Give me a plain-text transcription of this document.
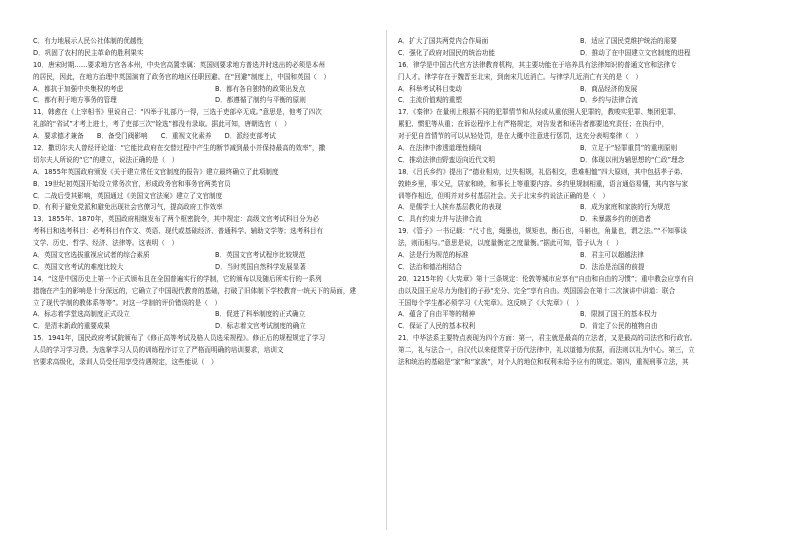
C．有力地展示人民公社体制的优越性
D．巩固了农村的民主革命的胜利果实
10．唐宋时期……要求地方官各本州，中央官高置幸属：英国则要求地方普选并时选出的必须是本州
的居民，因此，在地方治理中英国演育了政务官的地区任职回避。在“回避”制度上，中国和英国（　）
A．都抗于加强中央集权的考虑	B．都有各自独特的政策出发点
C．都有利于地方事务的管理	D．都遵循了制约与平衡的原则
11．韩愈在《上宰相书》里说自己：“四举于礼部乃一得，三选于吏部卒无成。”意思是，他考了四次
礼部的“省试”才考上进士，考了吏部三次“铨选”都没有录取。据此可知，唐朝选官（　）
A．要求德才兼备　　B．备受门阀影响　　C．重视文化素养　　D．派经吏部考试
12．撒切尔夫人曾经评论道：“它能比政府在交替过程中产生的断节减到最小并保持最高的效率”，撒
切尔夫人所说的“它”的建立，说法正确的是（　）
A．1855年英国政府颁发《关于建立常任文官制度的报告》建立最终确立了此项制度
B．19世纪初英国开始设立常务次官，形成政务官和事务官两类官员
C．二战后受其影响，英国通过《美国文官法案》建立了文官制度
D．有利于避免党派和避免出现社会官僚习气，提高政府工作效率
13．1855年、1870年，英国政府相继发布了两个枢密院令，其中规定：高级文官考试科目分为必
考科目和选考科目：必考科目有作文、英语、现代或基础经济、普通科学、辅助文学等；选考科目有
文学、历史、哲学、经济、法律等。这表明（　）
A．英国文官选拔重视应试者的综合素质	B．英国文官考试程序比较规范
C．英国文官考试的难度比较大	D．当时英国自然科学发展显著
14．“这是中国历史上第一个正式颁布且在全国普遍实行的学制，它的颁布以及随后所实行的一系列
措施在产生的影响是十分深远的，它确立了中国现代教育的基础，打破了旧体制下学校教育一统天下的局面，建
立了现代学制的教体系等等”。对这一学制的评价错误的是（　）
A．标志着学堂选高制度正式设立	B．促进了科举制度的正式确立
C．是清末新政的重要成果	D．标志着文官考试制度的确立
15．1941年，国民政府考试院颁布了《修正高等考试及格人员选采规程》。修正后的规程规定了学习
人员的学习学习费。为选掌学习人员的训练程序订立了严格而明确的培训要求，培训文
官要求高级化，录训人员受任用享受待遇规定，这些能说（　）
A．扩大了国共两党内合作局面	B．适应了国民党维护统治的需要
C．强化了政府对国民的统治功能	D．推动了在中国建立文官制度的进程
16．律学是中国古代官方法律教育机构，其主要功能在于培养具有法律知识的普通文官和法律专
门人才。律学存在于魏晋至北宋，到南宋几近消亡。与律学几近消亡有关的是（　）
A．科举考试科目变动	B．商品经济的发展
C．主流价值观的重塑	D．乡约与法律合流
17．《秦律》在量刑上根据不同的犯罪情节和从轻或从重依照人犯罪的，教唆实犯罪、集团犯罪、
累犯、惯犯等从重；在诉讼程序上有严格规定，对告发者和诬告者都要追究责任；在执行中，
对于犯自首情节的可以从轻处罚，是在大概中注意进行惩罚，这充分表明秦律（　）
A．在法律中渗透道理性倾向	B．立足于“轻罪重罚”的重刑原则
C．推动法律由野蛮迈向近代文明	D．体现以刑为辅思想的“仁政”理念
18．《吕氏乡约》提出了“德业相劝，过失相规，礼俗相交，患难相恤”四大原则，其中包括孝子弟、
敦睦乡里，事父兄，居家和睦，和事长上等重要内容。乡约里规制相重，语言通俗易懂，其内容与家
训等作相近，但明并对乡村基层社会。关于北宋乡约说法正确的是（　）
A．是儒学士人摈弃基层教化的表现	B．成为家庭和家族的行为规范
C．具有约束力并与法律合流	D．未暴露乡约的创造者
19．《管子》一书记载：“尺寸也，绳墨也，规矩也，衡石也，斗斛也，角量也，谓之法。”“不知事谈
法，则而相与。”意思是说，以度量衡定之度量衡。”据此可知，管子认为（　）
A．法是行为规范的标准	B．君主可以超越法律
C．法治和德治相结合	D．法治是治国的前提
20．1215年的《大宪章》第十三条规定：伦敦等城市应享有“自由和自由的习惯”；重申教会应享有自
由以及国王应尽力为他们的子孙“充分、完全”享有自由。英国国会在第十二次演讲中讲道：联合
王国每个学生都必须学习《大宪章》。这反映了《大宪章》（　）
A．蕴含了自由平等的精神	B．限制了国王的基本权力
C．保证了人民的基本权利	D．肯定了公民的植物自由
21．中华法系主要特点表现为四个方面：第一，君主就是最高的立法者，又是最高的司法官和行政官。
第二，礼与法合一，自汉代以来便贯穿于历代法律中，礼以道德为依据，而法则以礼为中心。第三，立
法和统治的基础是“家”和“家族”，对个人的地位和权利未给予应有的规定。第四，重视刑事立法，其
